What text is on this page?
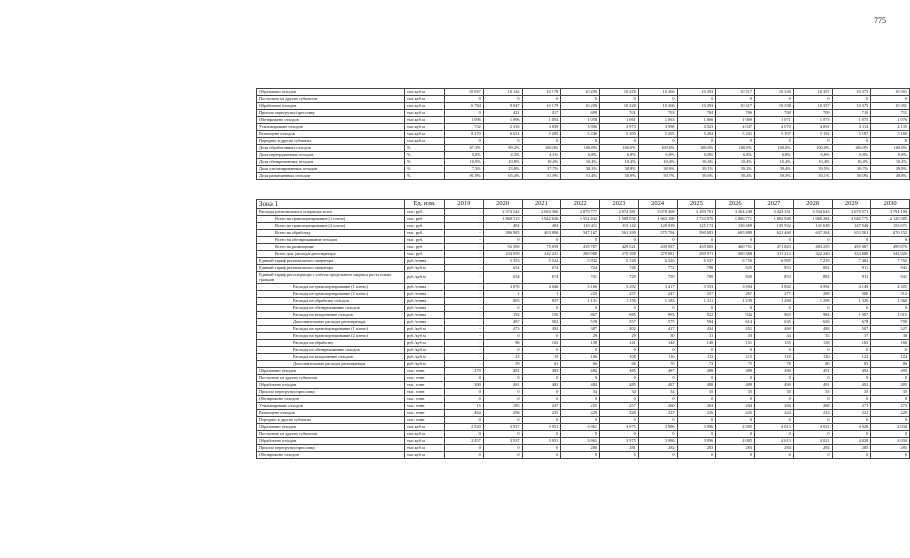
775
Образовано отходов	тыс.куб.м	10 067	10 142	10 178	10 209	10 228	10 266	10 293	10 317	10 338	10 357	10 375	10 391
Поступило из других субъектов	тыс.куб.м	0	0	0	0	0	0	0	0	0	0	0	0
Обработано отходов	тыс.куб.м	6 784	9 047	10 179	10 209	10 228	10 266	10 293	10 317	10 338	10 357	10 375	10 391
Прошло перегрузку/прессовку	тыс.куб.м	0	421	417	699	701	703	704	706	708	709	710	711
Обезврежено отходов	тыс.куб.м	1 096	1 096	1 054	1 058	1 061	1 063	1 066	1 069	1 071	1 073	1 075	1 076
Утилизировано отходов	тыс.куб.м	732	2 416	3 839	3 906	3 973	3 998	4 023	4 047	4 070	4 092	4 114	4 135
Размещено отходов	тыс.куб.м	8 270	6 631	5 285	5 246	5 205	5 205	5 204	5 201	5 197	5 192	5 187	5 180
Передано в другие субъекты	тыс.куб.м	0	0	0	0	0	0	0	0	0	0	0	0
Доля обработанных отходов	%	67,3%	89,2%	100,0%	100,0%	100,0%	100,0%	100,0%	100,0%	100,0%	100,0%	100,0%	100,0%
Доля перегруженных отходов	%	0,0%	4,3%	4,1%	6,8%	6,8%	6,8%	6,8%	6,8%	6,8%	6,8%	6,8%	6,8%
Доля обезвреженных отходов	%	10,9%	10,8%	10,4%	10,4%	10,4%	10,4%	10,4%	10,4%	10,4%	10,4%	10,4%	10,4%
Доля утилизированных отходов	%	7,3%	23,8%	37,7%	38,3%	38,8%	38,9%	39,1%	39,2%	39,4%	39,5%	39,7%	39,8%
Доля размещенных отходов	%	81,9%	65,4%	51,9%	51,4%	50,9%	50,7%	50,6%	50,4%	50,3%	50,1%	50,0%	49,8%
Зона 1	Ед. изм.	2019	2020	2021	2022	2023	2024	2025	2026	2027	2028	2029	2030
Расходы регионального оператора всего	тыс. руб.	-	2 574 542	2 684 366	2 879 777	2 974 381	3 078 469	3 189 701	3 304 248	3 423 331	3 544 643	3 670 571	3 794 100
Всего на транспортирование (1 плечо)	тыс. руб.	-	1 860 515	1 942 636	1 552 432	1 598 030	1 663 168	1 733 070	1 806 771	1 882 948	1 960 284	2 040 775	2 120 585
Всего на транспортирование (2 плечо)	тыс. руб.	-	484	494	110 411	115 142	120 039	125 172	130 469	135 932	141 638	147 540	153 671
Всего на обработку	тыс. руб.	-	386 985	403 886	547 167	561 290	575 794	590 683	605 889	621 460	637 264	653 501	670 152
Всего на обезвреживание отходов	тыс. руб.	-	0	0	0	0	0	0	0	0	0	0	0
Всего на размещение	тыс. руб.	-	92 500	75 059	419 787	429 521	439 587	450 005	460 751	471 823	483 255	495 067	499 876
Всего доп. расходы регоператора	тыс. руб.	-	234 059	242 231	260 980	270 398	279 881	289 971	300 368	311 212	322 240	333 688	344 926
Единый тариф регионального оператора	руб./тонна	-	5 553	5 522	5 932	6 128	6 326	6 537	6 756	6 985	7 219	7 463	7 702
Единый тариф регионального оператора	руб./куб.м	-	654	674	724	748	772	798	825	853	882	911	941
Единый тариф рег.оператора с учётом предельного индекса роста платы граждан	руб./куб.м	-	654	674	701	729	759	789	820	853	882	911	941
Расходы на транспортирование (1 плечо)	руб./тонна	-	3 870	4 026	3 166	3 292	3 417	3 553	3 694	3 842	3 992	4 149	4 305
Расходы на транспортирование (2 плечо)	руб./тонна	-	1	1	225	237	247	257	267	277	288	300	312
Расходы на обработку отходов	руб./тонна	-	805	837	1 131	1 156	1 183	1 211	1 239	1 268	1 298	1 329	1 360
Расходы на обезвреживание отходов	руб./тонна	-	0	0	0	0	0	0	0	0	0	0	0
Расходы на захоронение отходов	руб./тонна	-	192	156	867	885	903	922	942	963	984	1 007	1 015
Дополнительные расходы регоператора	руб./тонна	-	487	502	539	557	575	594	614	635	656	678	700
Расходы на транспортирование (1 плечо)	руб./куб.м	-	473	492	387	402	417	434	451	469	488	507	527
Расходы на транспортирование (2 плечо)	руб./куб.м	-	0	0	28	29	30	31	33	34	35	37	38
Расходы на обработку	руб./куб.м	-	98	102	138	141	144	148	151	155	158	162	166
Расходы на обезвреживание отходов	руб./куб.м	-	0	0	0	0	0	0	0	0	0	0	0
Расходы на захоронение отходов	руб./куб.м	-	23	19	106	108	110	112	115	118	120	123	124
Дополнительные расходы регоператора	руб./куб.м	-	59	61	66	68	70	73	75	78	80	83	86
Образовано отходов	тыс. тонн	479	481	483	484	485	487	488	489	490	491	492	493
Поступило из других субъектов	тыс. тонн	0	0	0	0	0	0	0	0	0	0	0	0
Обработано отходов	тыс. тонн	300	481	483	484	485	487	488	489	490	491	492	493
Прошло перегрузку/прессовку	тыс. тонн	0	0	0	34	34	34	35	35	35	35	35	35
Обезврежено отходов	тыс. тонн	0	0	0	0	0	0	0	0	0	0	0	0
Утилизировано отходов	тыс. тонн	15	185	247	255	257	260	262	264	266	268	271	273
Размещено отходов	тыс. тонн	464	296	235	229	228	227	226	225	224	223	221	220
Передано в другие субъекты	тыс. тонн	0	0	0	0	0	0	0	0	0	0	0	0
Образовано отходов	тыс.куб.м	2 920	3 937	3 951	3 961	3 975	3 986	3 996	4 005	4 013	4 021	4 028	4 034
Поступило из других субъектов	тыс.куб.м	0	0	0	0	0	0	0	0	0	0	0	0
Обработано отходов	тыс.куб.м	2 457	3 937	3 951	3 961	3 975	3 986	3 996	4 005	4 013	4 021	4 028	4 034
Прошло перегрузку/прессовку	тыс.куб.м	0	0	0	280	281	282	283	283	284	284	285	285
Обезврежено отходов	тыс.куб.м	0	0	0	0	0	0	0	0	0	0	0	0
